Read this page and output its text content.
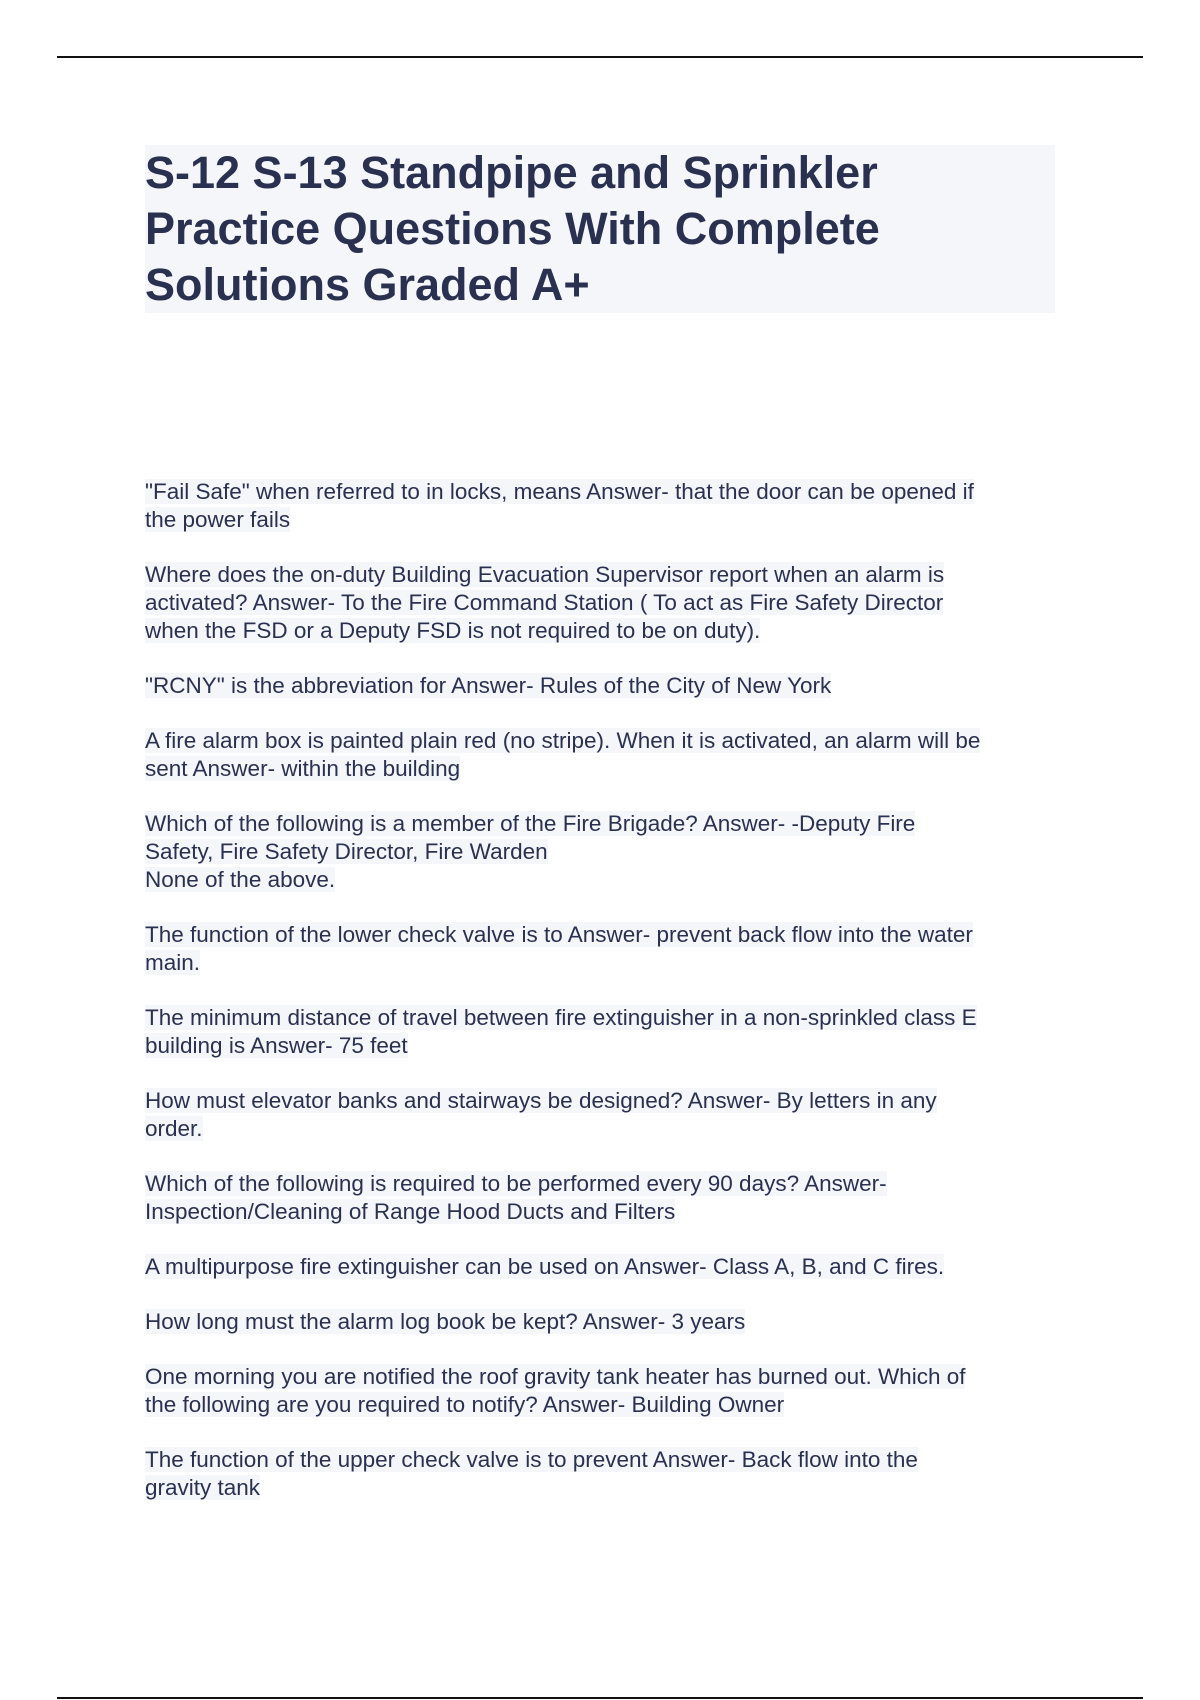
S-12 S-13 Standpipe and Sprinkler
Practice Questions With Complete
Solutions Graded A+

"Fail Safe" when referred to in locks, means Answer- that the door can be opened if
the power fails

Where does the on-duty Building Evacuation Supervisor report when an alarm is
activated? Answer- To the Fire Command Station ( To act as Fire Safety Director
when the FSD or a Deputy FSD is not required to be on duty).

"RCNY" is the abbreviation for Answer- Rules of the City of New York

A fire alarm box is painted plain red (no stripe). When it is activated, an alarm will be
sent Answer- within the building

Which of the following is a member of the Fire Brigade? Answer- -Deputy Fire
Safety, Fire Safety Director, Fire Warden
None of the above.

The function of the lower check valve is to Answer- prevent back flow into the water
main.

The minimum distance of travel between fire extinguisher in a non-sprinkled class E
building is Answer- 75 feet

How must elevator banks and stairways be designed? Answer- By letters in any
order.

Which of the following is required to be performed every 90 days? Answer-
Inspection/Cleaning of Range Hood Ducts and Filters

A multipurpose fire extinguisher can be used on Answer- Class A, B, and C fires.

How long must the alarm log book be kept? Answer- 3 years

One morning you are notified the roof gravity tank heater has burned out. Which of
the following are you required to notify? Answer- Building Owner

The function of the upper check valve is to prevent Answer- Back flow into the
gravity tank
